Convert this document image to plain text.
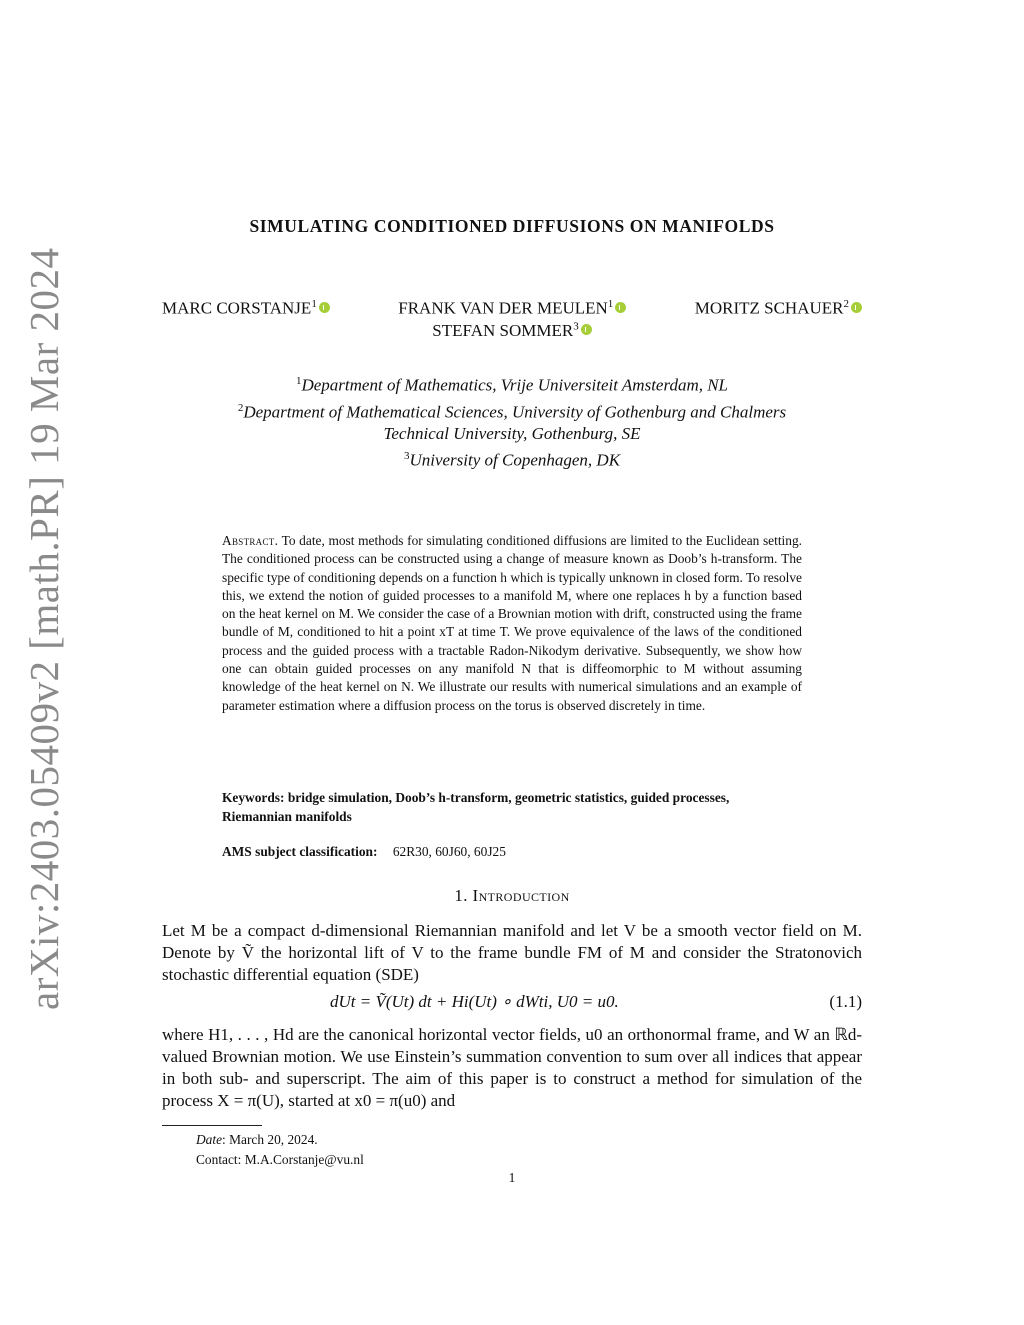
arXiv:2403.05409v2 [math.PR] 19 Mar 2024
SIMULATING CONDITIONED DIFFUSIONS ON MANIFOLDS
MARC CORSTANJE$^1$	FRANK VAN DER MEULEN$^1$	MORITZ SCHAUER$^2$
STEFAN SOMMER$^3$
$^1$Department of Mathematics, Vrije Universiteit Amsterdam, NL
$^2$Department of Mathematical Sciences, University of Gothenburg and Chalmers
Technical University, Gothenburg, SE
$^3$University of Copenhagen, DK
Abstract. To date, most methods for simulating conditioned diffusions are limited to the Euclidean setting. The conditioned process can be constructed using a change of measure known as Doob’s h-transform. The specific type of conditioning depends on a function h which is typically unknown in closed form. To resolve this, we extend the notion of guided processes to a manifold M, where one replaces h by a function based on the heat kernel on M. We consider the case of a Brownian motion with drift, constructed using the frame bundle of M, conditioned to hit a point xT at time T. We prove equivalence of the laws of the conditioned process and the guided process with a tractable Radon-Nikodym derivative. Subsequently, we show how one can obtain guided processes on any manifold N that is diffeomorphic to M without assuming knowledge of the heat kernel on N. We illustrate our results with numerical simulations and an example of parameter estimation where a diffusion process on the torus is observed discretely in time.
Keywords: bridge simulation, Doob’s h-transform, geometric statistics, guided processes, Riemannian manifolds
AMS subject classification: 62R30, 60J60, 60J25
1. Introduction
Let M be a compact d-dimensional Riemannian manifold and let V be a smooth vector field on M. Denote by Ṽ the horizontal lift of V to the frame bundle FM of M and consider the Stratonovich stochastic differential equation (SDE)
dUt = Ṽ(Ut) dt + Hi(Ut) ∘ dWti, U0 = u0.	(1.1)
where H1, . . . , Hd are the canonical horizontal vector fields, u0 an orthonormal frame, and W an ℝd-valued Brownian motion. We use Einstein’s summation convention to sum over all indices that appear in both sub- and superscript. The aim of this paper is to construct a method for simulation of the process X = π(U), started at x0 = π(u0) and
Date: March 20, 2024.
Contact: M.A.Corstanje@vu.nl
1
